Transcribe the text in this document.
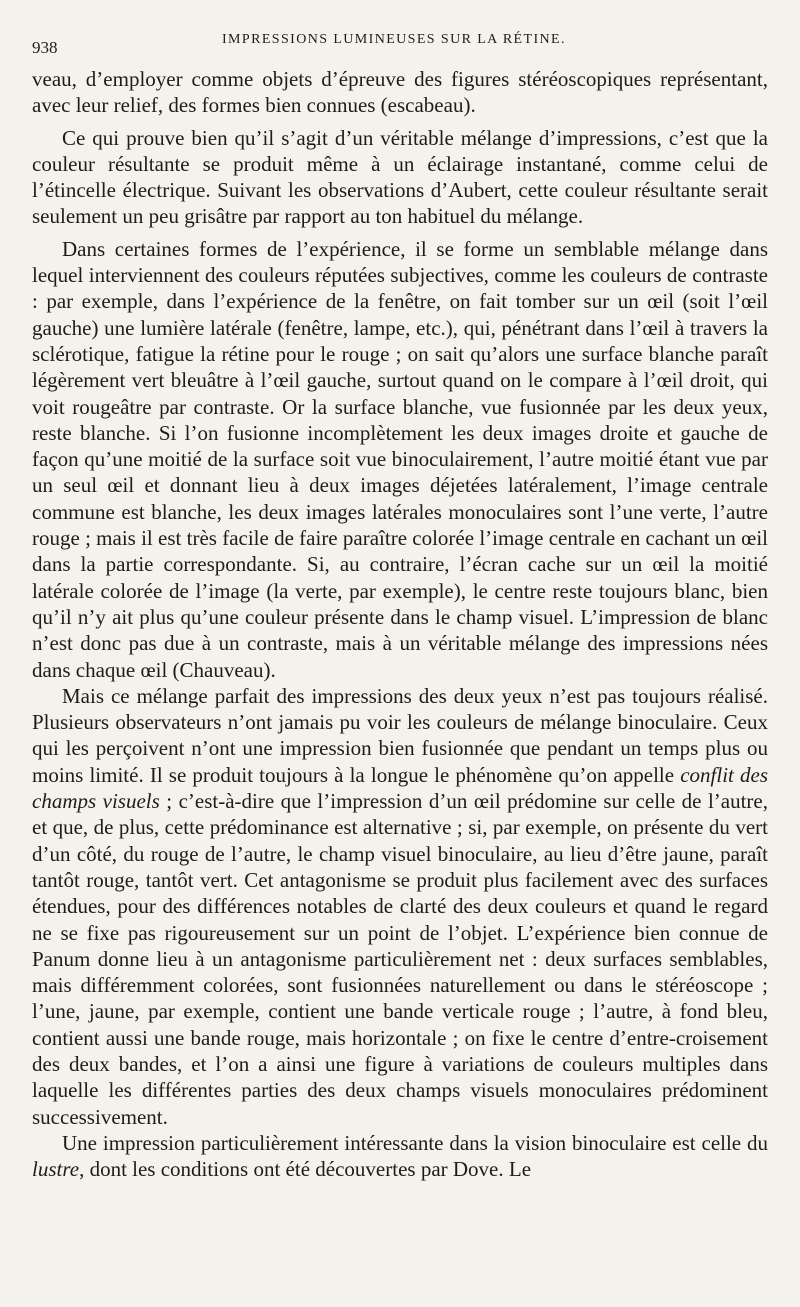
938	IMPRESSIONS LUMINEUSES SUR LA RÉTINE.

veau, d’employer comme objets d’épreuve des figures stéréoscopiques représentant, avec leur relief, des formes bien connues (escabeau).

Ce qui prouve bien qu’il s’agit d’un véritable mélange d’impressions, c’est que la couleur résultante se produit même à un éclairage instantané, comme celui de l’étincelle électrique. Suivant les observations d’Aubert, cette couleur résultante serait seulement un peu grisâtre par rapport au ton habituel du mélange.

Dans certaines formes de l’expérience, il se forme un semblable mélange dans lequel interviennent des couleurs réputées subjectives, comme les couleurs de contraste : par exemple, dans l’expérience de la fenêtre, on fait tomber sur un œil (soit l’œil gauche) une lumière latérale (fenêtre, lampe, etc.), qui, pénétrant dans l’œil à travers la sclérotique, fatigue la rétine pour le rouge ; on sait qu’alors une surface blanche paraît légèrement vert bleuâtre à l’œil gauche, surtout quand on le compare à l’œil droit, qui voit rougeâtre par contraste. Or la surface blanche, vue fusionnée par les deux yeux, reste blanche. Si l’on fusionne incomplètement les deux images droite et gauche de façon qu’une moitié de la surface soit vue binoculairement, l’autre moitié étant vue par un seul œil et donnant lieu à deux images déjetées latéralement, l’image centrale commune est blanche, les deux images latérales monoculaires sont l’une verte, l’autre rouge ; mais il est très facile de faire paraître colorée l’image centrale en cachant un œil dans la partie correspondante. Si, au contraire, l’écran cache sur un œil la moitié latérale colorée de l’image (la verte, par exemple), le centre reste toujours blanc, bien qu’il n’y ait plus qu’une couleur présente dans le champ visuel. L’impression de blanc n’est donc pas due à un contraste, mais à un véritable mélange des impressions nées dans chaque œil (Chauveau).

Mais ce mélange parfait des impressions des deux yeux n’est pas toujours réalisé. Plusieurs observateurs n’ont jamais pu voir les couleurs de mélange binoculaire. Ceux qui les perçoivent n’ont une impression bien fusionnée que pendant un temps plus ou moins limité. Il se produit toujours à la longue le phénomène qu’on appelle conflit des champs visuels ; c’est-à-dire que l’impression d’un œil prédomine sur celle de l’autre, et que, de plus, cette prédominance est alternative ; si, par exemple, on présente du vert d’un côté, du rouge de l’autre, le champ visuel binoculaire, au lieu d’être jaune, paraît tantôt rouge, tantôt vert. Cet antagonisme se produit plus facilement avec des surfaces étendues, pour des différences notables de clarté des deux couleurs et quand le regard ne se fixe pas rigoureusement sur un point de l’objet. L’expérience bien connue de Panum donne lieu à un antagonisme particulièrement net : deux surfaces semblables, mais différemment colorées, sont fusionnées naturellement ou dans le stéréoscope ; l’une, jaune, par exemple, contient une bande verticale rouge ; l’autre, à fond bleu, contient aussi une bande rouge, mais horizontale ; on fixe le centre d’entre-croisement des deux bandes, et l’on a ainsi une figure à variations de couleurs multiples dans laquelle les différentes parties des deux champs visuels monoculaires prédominent successivement.

Une impression particulièrement intéressante dans la vision binoculaire est celle du lustre, dont les conditions ont été découvertes par Dove. Le
